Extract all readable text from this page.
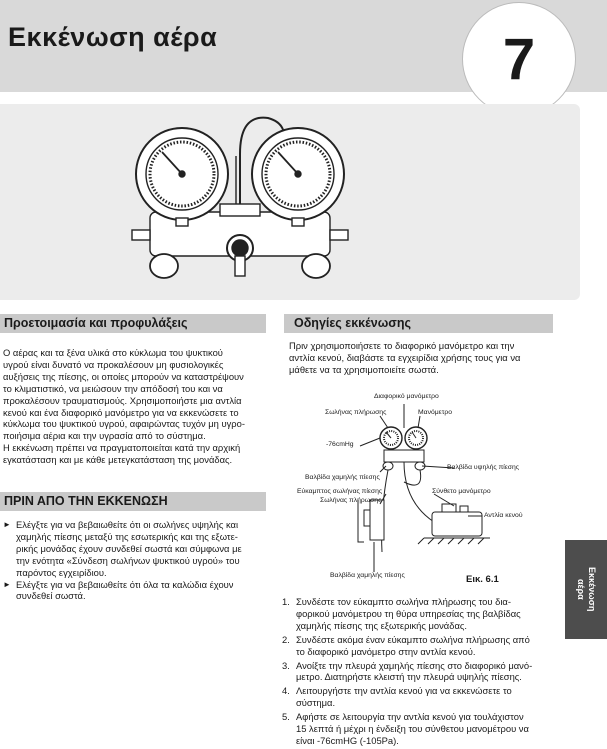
Εκκένωση αέρα	7
Προετοιμασία και προφυλάξεις
Ο αέρας και τα ξένα υλικά στο κύκλωμα του ψυκτικού
υγρού είναι δυνατό να προκαλέσουν μη φυσιολογικές
αυξήσεις της πίεσης, οι οποίες μπορούν να καταστρέψουν
το κλιματιστικό, να μειώσουν την απόδοσή του και να
προκαλέσουν τραυματισμούς. Χρησιμοποιήστε μια αντλία
κενού και ένα διαφορικό μανόμετρο για να εκκενώσετε το
κύκλωμα του ψυκτικού υγρού, αφαιρώντας τυχόν μη υγρο-
ποιήσιμα αέρια και την υγρασία από το σύστημα.
Η εκκένωση πρέπει να πραγματοποιείται κατά την αρχική
εγκατάσταση και με κάθε μετεγκατάσταση της μονάδας.
ΠΡΙΝ ΑΠΟ ΤΗΝ ΕΚΚΕΝΩΣΗ
► Ελέγξτε για να βεβαιωθείτε ότι οι σωλήνες υψηλής και
χαμηλής πίεσης μεταξύ της εσωτερικής και της εξωτε-
ρικής μονάδας έχουν συνδεθεί σωστά και σύμφωνα με
την ενότητα «Σύνδεση σωλήνων ψυκτικού υγρού» του
παρόντος εγχειρίδιου.
► Ελέγξτε για να βεβαιωθείτε ότι όλα τα καλώδια έχουν
συνδεθεί σωστά.
Οδηγίες εκκένωσης
Πριν χρησιμοποιήσετε το διαφορικό μανόμετρο και την
αντλία κενού, διαβάστε τα εγχειρίδια χρήσης τους για να
μάθετε να τα χρησιμοποιείτε σωστά.
Διαφορικό μανόμετρο
Σωλήνας πλήρωσης	Μανόμετρο
-76cmHg
Βαλβίδα χαμηλής πίεσης
Βαλβίδα υψηλής πίεσης
Εύκαμπτος σωλήνας πίεσης
Σωλήνας πλήρωσης
Σύνθετο μανόμετρο
Αντλία κενού
Βαλβίδα χαμηλής πίεσης	Εικ. 6.1
1. Συνδέστε τον εύκαμπτο σωλήνα πλήρωσης του δια-
φορικού μανόμετρου τη θύρα υπηρεσίας της βαλβίδας
χαμηλής πίεσης της εξωτερικής μονάδας.
2. Συνδέστε ακόμα έναν εύκαμπτο σωλήνα πλήρωσης από
το διαφορικό μανόμετρο στην αντλία κενού.
3. Ανοίξτε την πλευρά χαμηλής πίεσης στο διαφορικό μανό-
μετρο. Διατηρήστε κλειστή την πλευρά υψηλής πίεσης.
4. Λειτουργήστε την αντλία κενού για να εκκενώσετε το
σύστημα.
5. Αφήστε σε λειτουργία την αντλία κενού για τουλάχιστον
15 λεπτά ή μέχρι η ένδειξη του σύνθετου μανομέτρου να
είναι -76cmHG (-105Pa).
Εκκένωση
αέρα
